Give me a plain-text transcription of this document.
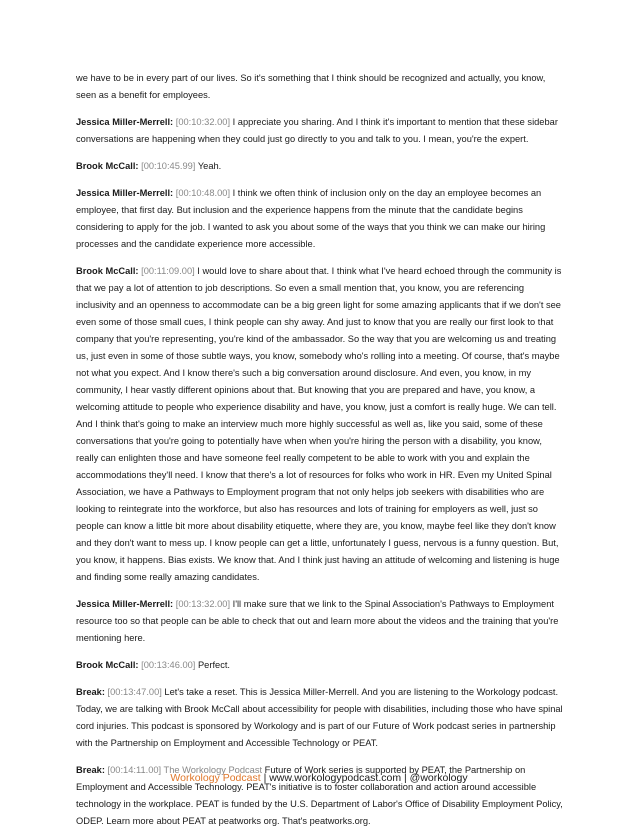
we have to be in every part of our lives. So it's something that I think should be recognized and actually, you know, seen as a benefit for employees.

Jessica Miller-Merrell: [00:10:32.00] I appreciate you sharing. And I think it's important to mention that these sidebar conversations are happening when they could just go directly to you and talk to you. I mean, you're the expert.

Brook McCall: [00:10:45.99] Yeah.

Jessica Miller-Merrell: [00:10:48.00] I think we often think of inclusion only on the day an employee becomes an employee, that first day. But inclusion and the experience happens from the minute that the candidate begins considering to apply for the job. I wanted to ask you about some of the ways that you think we can make our hiring processes and the candidate experience more accessible.

Brook McCall: [00:11:09.00] I would love to share about that. I think what I've heard echoed through the community is that we pay a lot of attention to job descriptions. So even a small mention that, you know, you are referencing inclusivity and an openness to accommodate can be a big green light for some amazing applicants that if we don't see even some of those small cues, I think people can shy away. And just to know that you are really our first look to that company that you're representing, you're kind of the ambassador. So the way that you are welcoming us and treating us, just even in some of those subtle ways, you know, somebody who's rolling into a meeting. Of course, that's maybe not what you expect. And I know there's such a big conversation around disclosure. And even, you know, in my community, I hear vastly different opinions about that. But knowing that you are prepared and have, you know, a welcoming attitude to people who experience disability and have, you know, just a comfort is really huge. We can tell. And I think that's going to make an interview much more highly successful as well as, like you said, some of these conversations that you're going to potentially have when when you're hiring the person with a disability, you know, really can enlighten those and have someone feel really competent to be able to work with you and explain the accommodations they'll need. I know that there's a lot of resources for folks who work in HR. Even my United Spinal Association, we have a Pathways to Employment program that not only helps job seekers with disabilities who are looking to reintegrate into the workforce, but also has resources and lots of training for employers as well, just so people can know a little bit more about disability etiquette, where they are, you know, maybe feel like they don't know and they don't want to mess up. I know people can get a little, unfortunately I guess, nervous is a funny question. But, you know, it happens. Bias exists. We know that. And I think just having an attitude of welcoming and listening is huge and finding some really amazing candidates.

Jessica Miller-Merrell: [00:13:32.00] I'll make sure that we link to the Spinal Association's Pathways to Employment resource too so that people can be able to check that out and learn more about the videos and the training that you're mentioning here.

Brook McCall: [00:13:46.00] Perfect.

Break: [00:13:47.00] Let's take a reset. This is Jessica Miller-Merrell. And you are listening to the Workology podcast. Today, we are talking with Brook McCall about accessibility for people with disabilities, including those who have spinal cord injuries. This podcast is sponsored by Workology and is part of our Future of Work podcast series in partnership with the Partnership on Employment and Accessible Technology or PEAT.

Break: [00:14:11.00] The Workology Podcast Future of Work series is supported by PEAT, the Partnership on Employment and Accessible Technology. PEAT's initiative is to foster collaboration and action around accessible technology in the workplace. PEAT is funded by the U.S. Department of Labor's Office of Disability Employment Policy, ODEP. Learn more about PEAT at peatworks org. That's peatworks.org.

Workology Podcast | www.workologypodcast.com | @workology
